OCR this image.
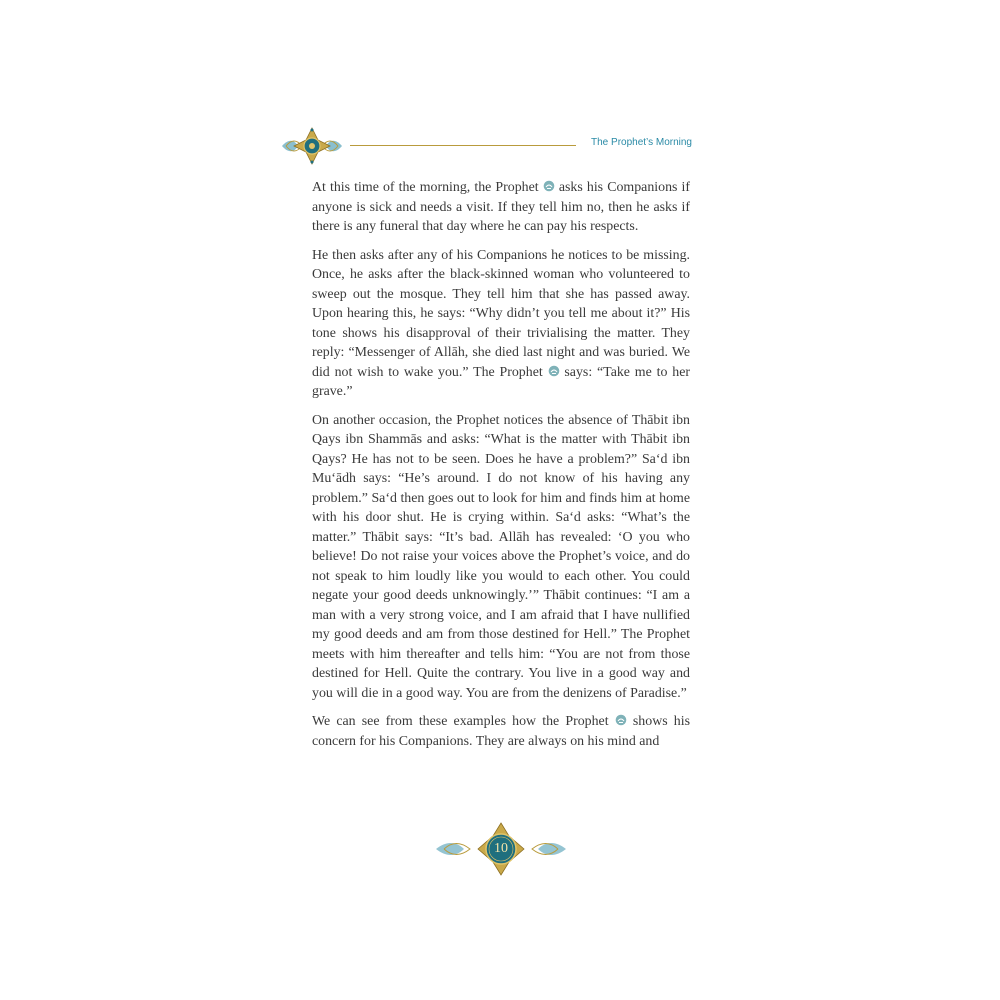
The Prophet’s Morning

At this time of the morning, the Prophet  asks his Companions if anyone is sick and needs a visit. If they tell him no, then he asks if there is any funeral that day where he can pay his respects.

He then asks after any of his Companions he notices to be missing. Once, he asks after the black-skinned woman who volunteered to sweep out the mosque. They tell him that she has passed away. Upon hearing this, he says: “Why didn’t you tell me about it?” His tone shows his disapproval of their trivialising the matter. They reply: “Messenger of Allāh, she died last night and was buried. We did not wish to wake you.” The Prophet  says: “Take me to her grave.”

On another occasion, the Prophet notices the absence of Thābit ibn Qays ibn Shammās and asks: “What is the matter with Thābit ibn Qays? He has not to be seen. Does he have a problem?” Sa‘d ibn Mu‘ādh says: “He’s around. I do not know of his having any problem.” Sa‘d then goes out to look for him and finds him at home with his door shut. He is crying within. Sa‘d asks: “What’s the matter.” Thābit says: “It’s bad. Allāh has revealed: ‘O you who believe! Do not raise your voices above the Prophet’s voice, and do not speak to him loudly like you would to each other. You could negate your good deeds unknowingly.’” Thābit continues: “I am a man with a very strong voice, and I am afraid that I have nullified my good deeds and am from those destined for Hell.” The Prophet meets with him thereafter and tells him: “You are not from those destined for Hell. Quite the contrary. You live in a good way and you will die in a good way. You are from the denizens of Paradise.”

We can see from these examples how the Prophet  shows his concern for his Companions. They are always on his mind and

10
